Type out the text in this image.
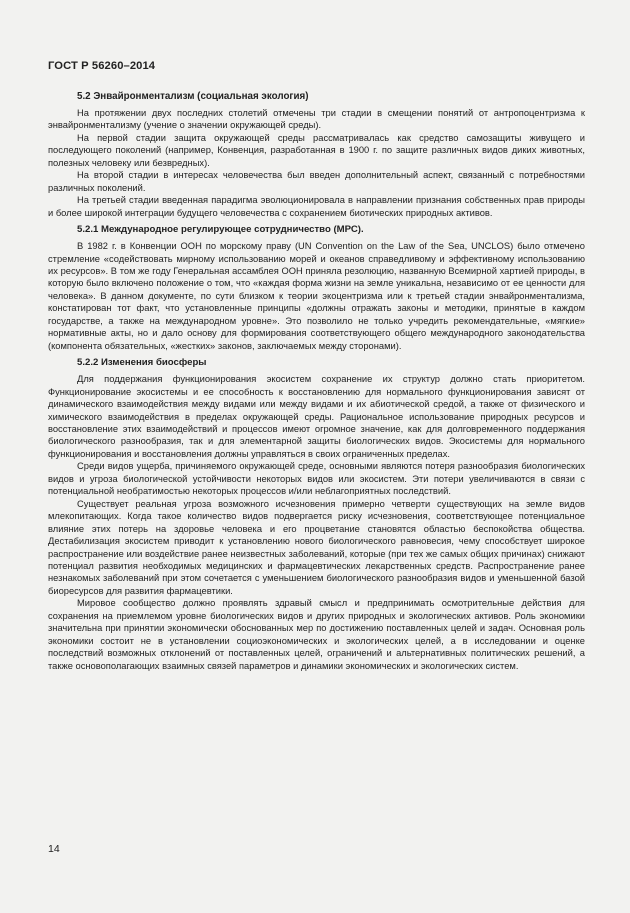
ГОСТ Р 56260–2014
5.2 Энвайронментализм (социальная экология)

На протяжении двух последних столетий отмечены три стадии в смещении понятий от антропоцентризма к энвайронментализму (учение о значении окружающей среды).

На первой стадии защита окружающей среды рассматривалась как средство самозащиты живущего и последующего поколений (например, Конвенция, разработанная в 1900 г. по защите различных видов диких животных, полезных человеку или безвредных).

На второй стадии в интересах человечества был введен дополнительный аспект, связанный с потребностями различных поколений.

На третьей стадии введенная парадигма эволюционировала в направлении признания собственных прав природы и более широкой интеграции будущего человечества с сохранением биотических природных активов.

5.2.1 Международное регулирующее сотрудничество (МРС).

В 1982 г. в Конвенции ООН по морскому праву (UN Convention on the Law of the Sea, UNCLOS) было отмечено стремление «содействовать мирному использованию морей и океанов справедливому и эффективному использованию их ресурсов». В том же году Генеральная ассамблея ООН приняла резолюцию, названную Всемирной хартией природы, в которую было включено положение о том, что «каждая форма жизни на земле уникальна, независимо от ее ценности для человека». В данном документе, по сути близком к теории экоцентризма или к третьей стадии энвайронментализма, констатирован тот факт, что установленные принципы «должны отражать законы и методики, принятые в каждом государстве, а также на международном уровне». Это позволило не только учредить рекомендательные, «мягкие» нормативные акты, но и дало основу для формирования соответствующего общего международного законодательства (компонента обязательных, «жестких» законов, заключаемых между сторонами).

5.2.2 Изменения биосферы

Для поддержания функционирования экосистем сохранение их структур должно стать приоритетом. Функционирование экосистемы и ее способность к восстановлению для нормального функционирования зависят от динамического взаимодействия между видами или между видами и их абиотической средой, а также от физического и химического взаимодействия в пределах окружающей среды. Рациональное использование природных ресурсов и восстановление этих взаимодействий и процессов имеют огромное значение, как для долговременного поддержания биологического разнообразия, так и для элементарной защиты биологических видов. Экосистемы для нормального функционирования и восстановления должны управляться в своих ограниченных пределах.

Среди видов ущерба, причиняемого окружающей среде, основными являются потеря разнообразия биологических видов и угроза биологической устойчивости некоторых видов или экосистем. Эти потери увеличиваются в связи с потенциальной необратимостью некоторых процессов и/или неблагоприятных последствий.

Существует реальная угроза возможного исчезновения примерно четверти существующих на земле видов млекопитающих. Когда такое количество видов подвергается риску исчезновения, соответствующее потенциальное влияние этих потерь на здоровье человека и его процветание становятся областью беспокойства общества. Дестабилизация экосистем приводит к установлению нового биологического равновесия, чему способствует широкое распространение или воздействие ранее неизвестных заболеваний, которые (при тех же самых общих причинах) снижают потенциал развития необходимых медицинских и фармацевтических лекарственных средств. Распространение ранее незнакомых заболеваний при этом сочетается с уменьшением биологического разнообразия видов и уменьшенной базой биоресурсов для развития фармацевтики.

Мировое сообщество должно проявлять здравый смысл и предпринимать осмотрительные действия для сохранения на приемлемом уровне биологических видов и других природных и экологических активов. Роль экономики значительна при принятии экономически обоснованных мер по достижению поставленных целей и задач. Основная роль экономики состоит не в установлении социоэкономических и экологических целей, а в исследовании и оценке последствий возможных отклонений от поставленных целей, ограничений и альтернативных политических решений, а также основополагающих взаимных связей параметров и динамики экономических и экологических систем.

14
